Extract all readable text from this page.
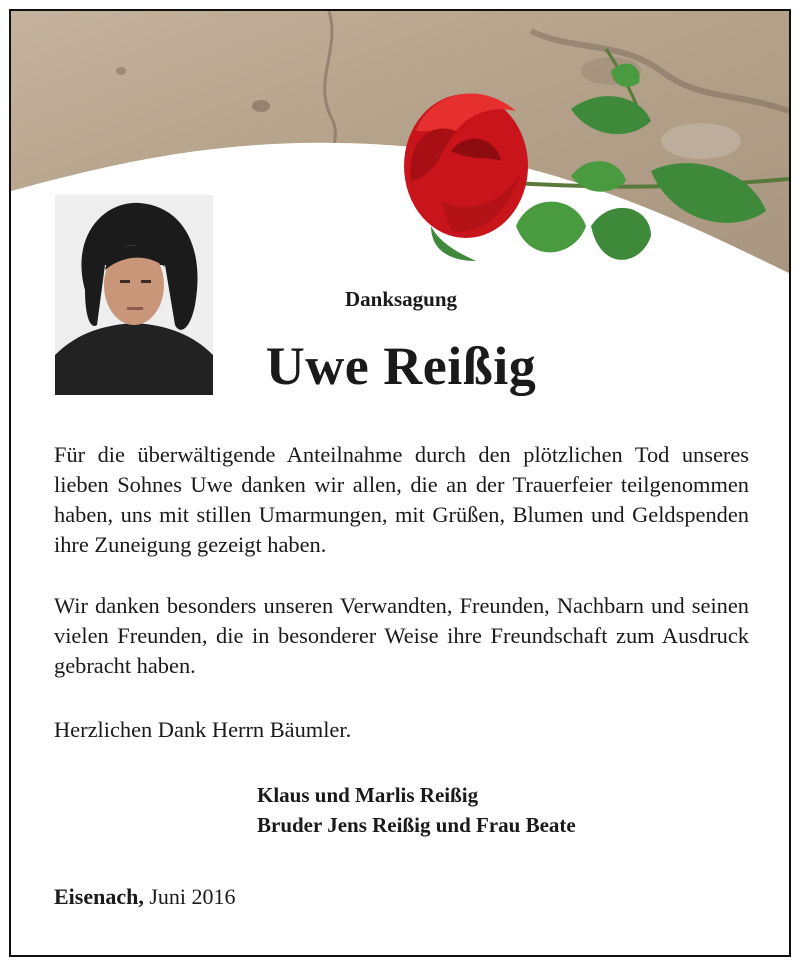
Danksagung
Uwe Reißig
Für die überwältigende Anteilnahme durch den plötzlichen Tod unseres lieben Sohnes Uwe danken wir allen, die an der Trauerfeier teilgenommen haben, uns mit stillen Umarmungen, mit Grüßen, Blumen und Geldspenden ihre Zuneigung gezeigt haben.
Wir danken besonders unseren Verwandten, Freunden, Nachbarn und seinen vielen Freunden, die in besonderer Weise ihre Freundschaft zum Ausdruck gebracht haben.
Herzlichen Dank Herrn Bäumler.
Klaus und Marlis Reißig
Bruder Jens Reißig und Frau Beate
Eisenach, Juni 2016
